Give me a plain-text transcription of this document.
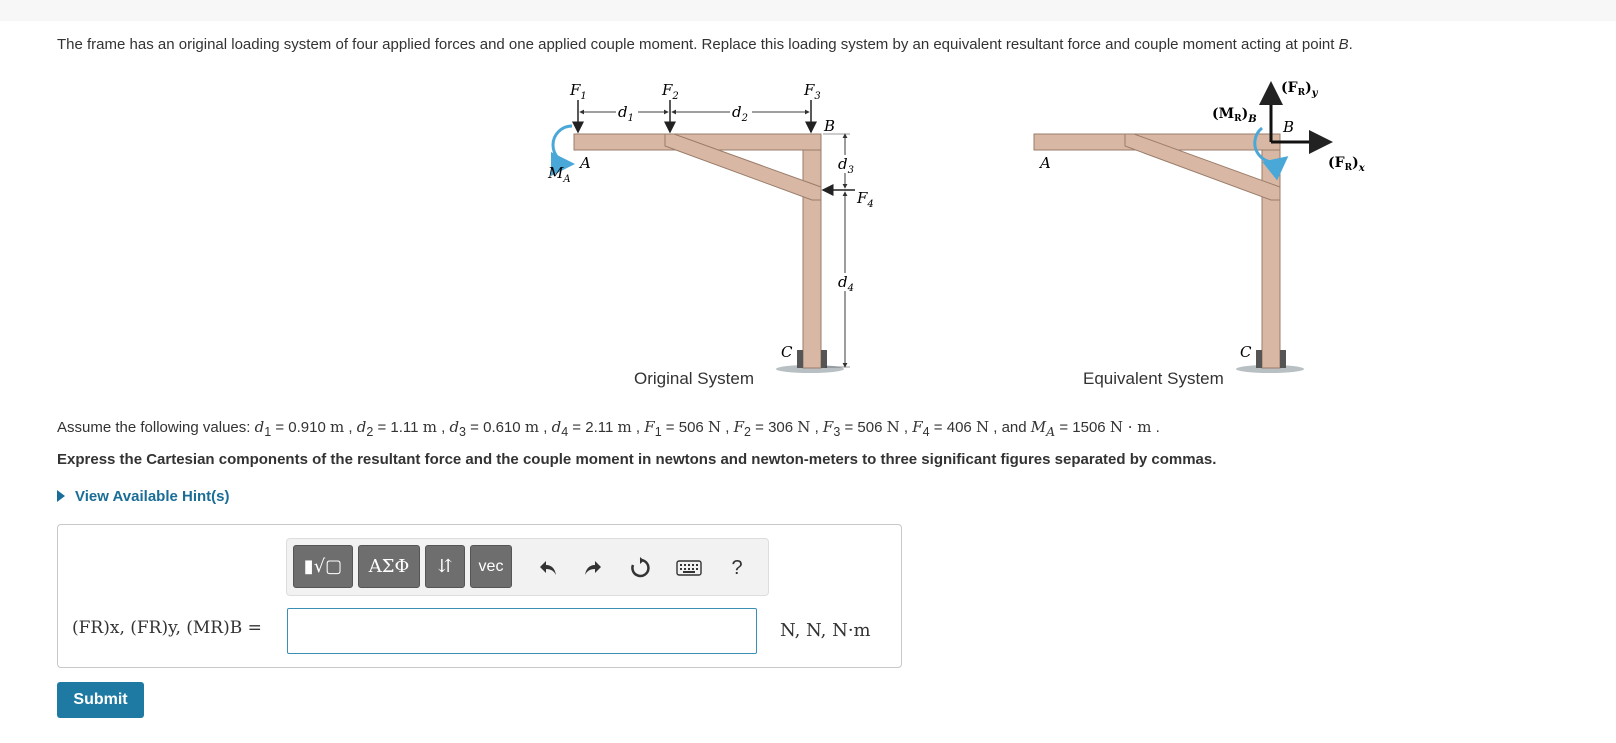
The frame has an original loading system of four applied forces and one applied couple moment. Replace this loading system by an equivalent resultant force and couple moment acting at point B.
$F_1$	$F_2$	$F_3$
$F_4$
$d_1$	$d_2$
$d_3$
$d_4$
A
B
C
$M_A$
Original System
A
B
C
$(M_R)_B$
$(F_R)_y$
$(F_R)_x$
Equivalent System
Assume the following values: $d_1 = 0.910$ m , $d_2 = 1.11$ m , $d_3 = 0.610$ m , $d_4 = 2.11$ m , $F_1 = 506$ N , $F_2 = 306$ N , $F_3 = 506$ N , $F_4 = 406$ N , and $M_A = 1506$ N · m .
Express the Cartesian components of the resultant force and the couple moment in newtons and newton-meters to three significant figures separated by commas.
View Available Hint(s)
▮√▢ ΑΣΦ ⇵ vec	?
(FR)x, (FR)y, (MR)B =	N, N, N·m
Submit
